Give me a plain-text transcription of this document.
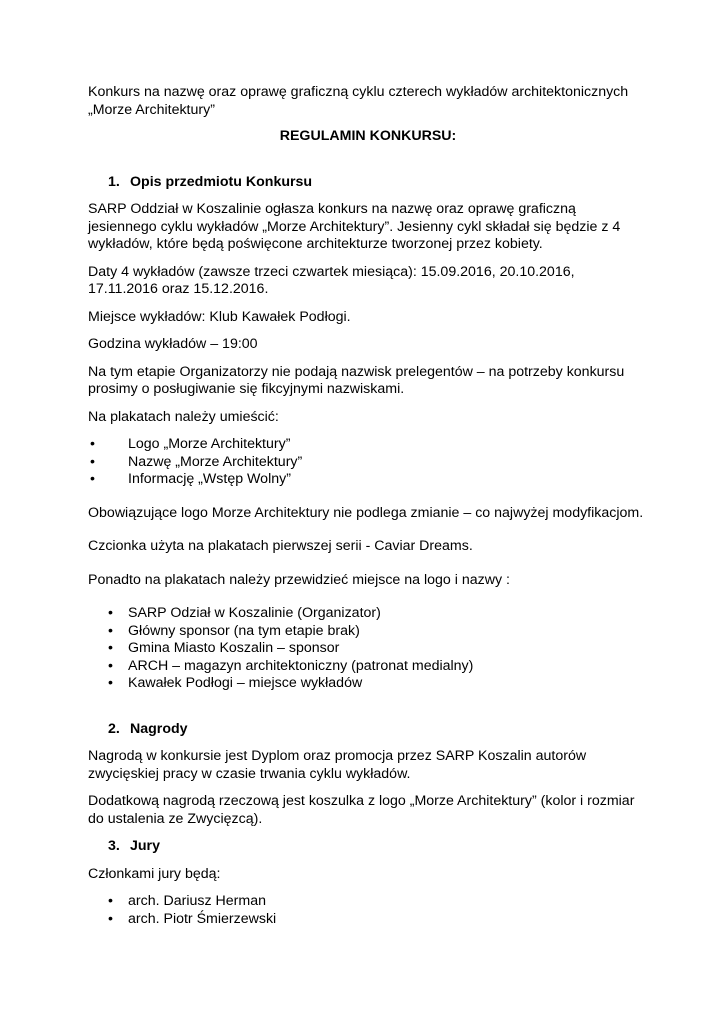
Konkurs na nazwę oraz oprawę graficzną cyklu czterech wykładów architektonicznych

„Morze Architektury”

REGULAMIN KONKURSU:

1. Opis przedmiotu Konkursu

SARP Oddział w Koszalinie ogłasza konkurs na nazwę oraz oprawę graficzną jesiennego cyklu wykładów „Morze Architektury”. Jesienny cykl składał się będzie z 4 wykładów, które będą poświęcone architekturze tworzonej przez kobiety.

Daty 4 wykładów (zawsze trzeci czwartek miesiąca): 15.09.2016, 20.10.2016, 17.11.2016 oraz 15.12.2016.

Miejsce wykładów: Klub Kawałek Podłogi.

Godzina wykładów – 19:00

Na tym etapie Organizatorzy nie podają nazwisk prelegentów – na potrzeby konkursu prosimy o posługiwanie się fikcyjnymi nazwiskami.

Na plakatach należy umieścić:

• Logo „Morze Architektury”
• Nazwę „Morze Architektury”
• Informację „Wstęp Wolny”

Obowiązujące logo Morze Architektury nie podlega zmianie – co najwyżej modyfikacjom.

Czcionka użyta na plakatach pierwszej serii - Caviar Dreams.

Ponadto na plakatach należy przewidzieć miejsce na logo i nazwy :

• SARP Odział w Koszalinie (Organizator)
• Główny sponsor (na tym etapie brak)
• Gmina Miasto Koszalin – sponsor
• ARCH – magazyn architektoniczny (patronat medialny)
• Kawałek Podłogi – miejsce wykładów

2. Nagrody

Nagrodą w konkursie jest Dyplom oraz promocja przez SARP Koszalin autorów zwycięskiej pracy w czasie trwania cyklu wykładów.

Dodatkową nagrodą rzeczową jest koszulka z logo „Morze Architektury” (kolor i rozmiar do ustalenia ze Zwycięzcą).

3. Jury

Członkami jury będą:

• arch. Dariusz Herman
• arch. Piotr Śmierzewski
